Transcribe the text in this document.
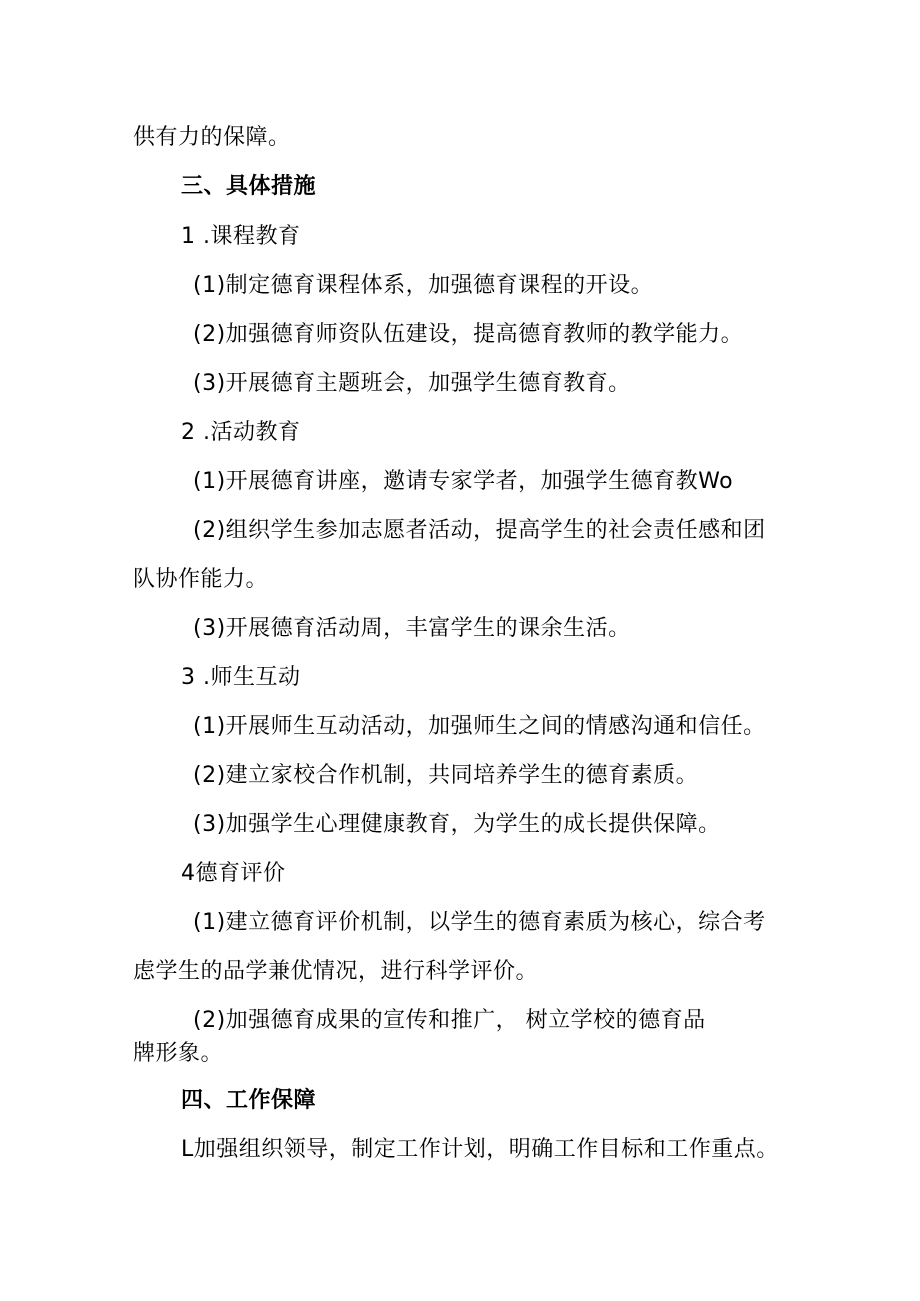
供有力的保障。
三、具体措施
1 .课程教育
(1)制定德育课程体系，加强德育课程的开设。
(2)加强德育师资队伍建设，提高德育教师的教学能力。
(3)开展德育主题班会，加强学生德育教育。
2 .活动教育
(1)开展德育讲座，邀请专家学者，加强学生德育教Wo
(2)组织学生参加志愿者活动，提高学生的社会责任感和团
队协作能力。
(3)开展德育活动周，丰富学生的课余生活。
3 .师生互动
(1)开展师生互动活动，加强师生之间的情感沟通和信任。
(2)建立家校合作机制，共同培养学生的德育素质。
(3)加强学生心理健康教育，为学生的成长提供保障。
4德育评价
(1)建立德育评价机制，以学生的德育素质为核心，综合考
虑学生的品学兼优情况，进行科学评价。
(2)加强德育成果的宣传和推广， 树立学校的德育品
牌形象。
四、工作保障
L加强组织领导，制定工作计划，明确工作目标和工作重点。
